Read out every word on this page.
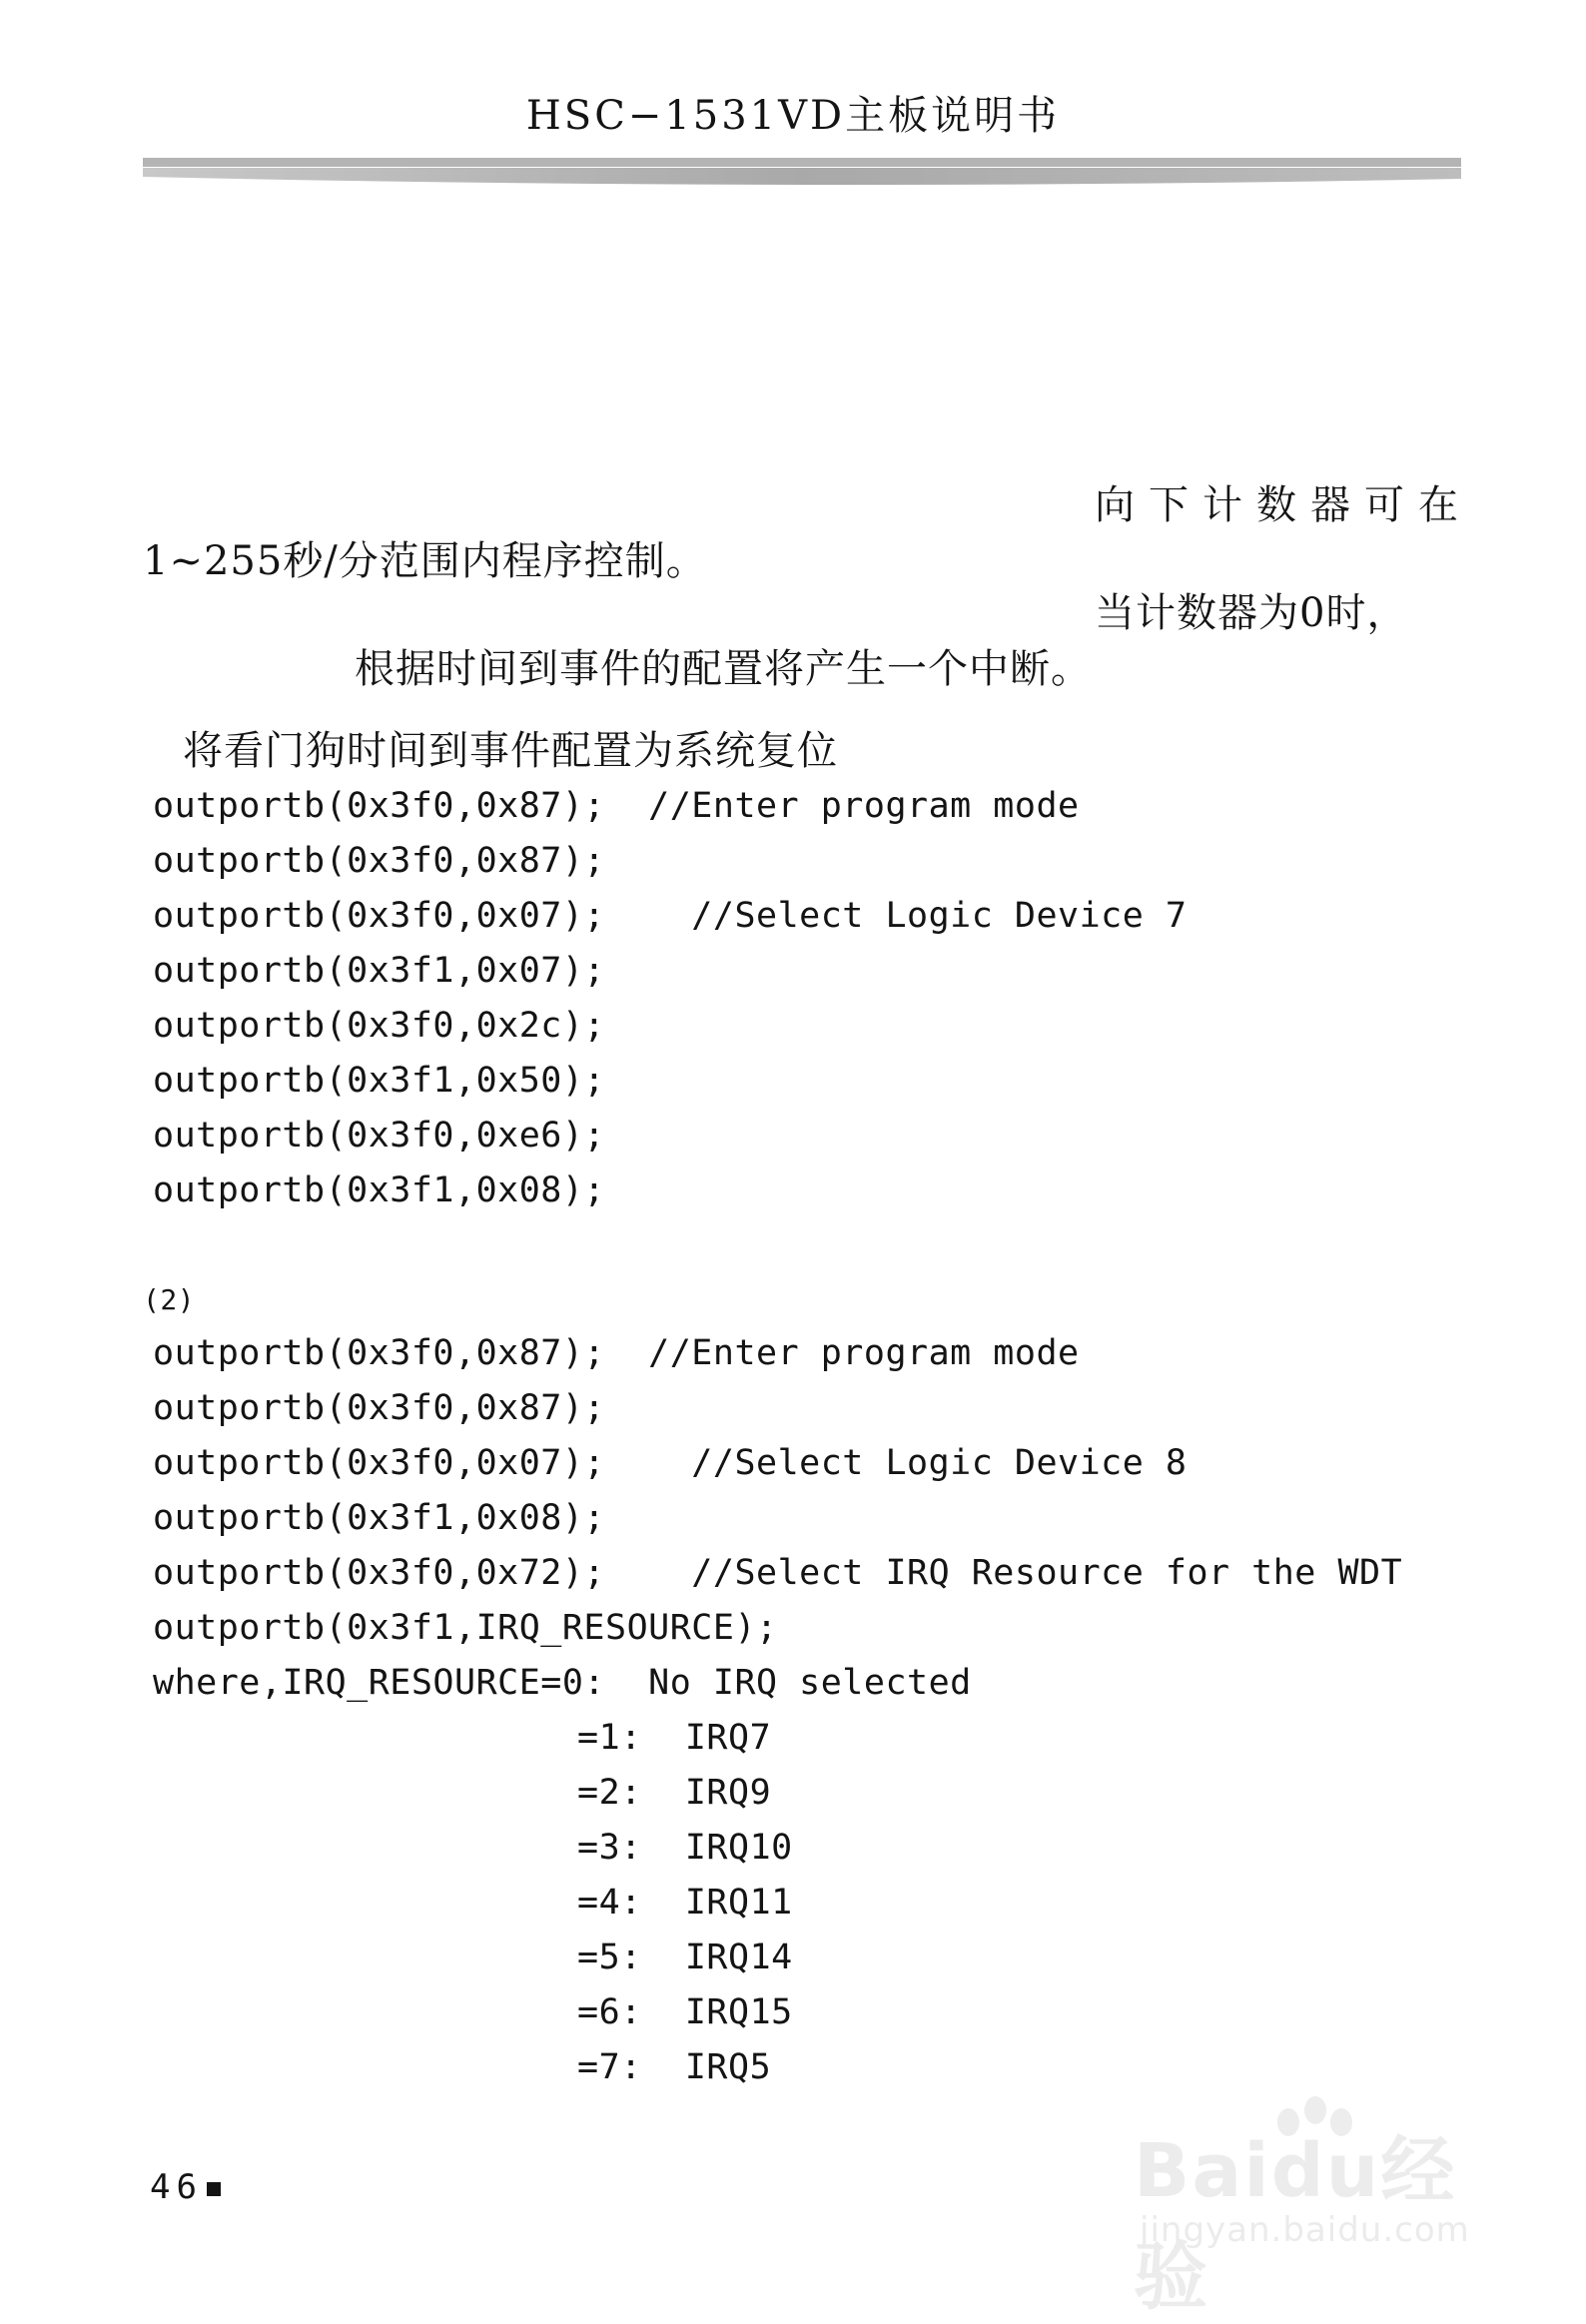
HSC−1531VD主板说明书
向下计数器可在
1~255秒/分范围内程序控制。
当计数器为0时，
根据时间到事件的配置将产生一个中断。
将看门狗时间到事件配置为系统复位
outportb(0x3f0,0x87);  //Enter program mode
outportb(0x3f0,0x87);
outportb(0x3f0,0x07);    //Select Logic Device 7
outportb(0x3f1,0x07);
outportb(0x3f0,0x2c);
outportb(0x3f1,0x50);
outportb(0x3f0,0xe6);
outportb(0x3f1,0x08);
(2)
outportb(0x3f0,0x87);  //Enter program mode
outportb(0x3f0,0x87);
outportb(0x3f0,0x07);    //Select Logic Device 8
outportb(0x3f1,0x08);
outportb(0x3f0,0x72);    //Select IRQ Resource for the WDT
outportb(0x3f1,IRQ_RESOURCE);
where,IRQ_RESOURCE=0:  No IRQ selected
=1:  IRQ7
=2:  IRQ9
=3:  IRQ10
=4:  IRQ11
=5:  IRQ14
=6:  IRQ15
=7:  IRQ5
46	Baidu经验
jingyan.baidu.com
